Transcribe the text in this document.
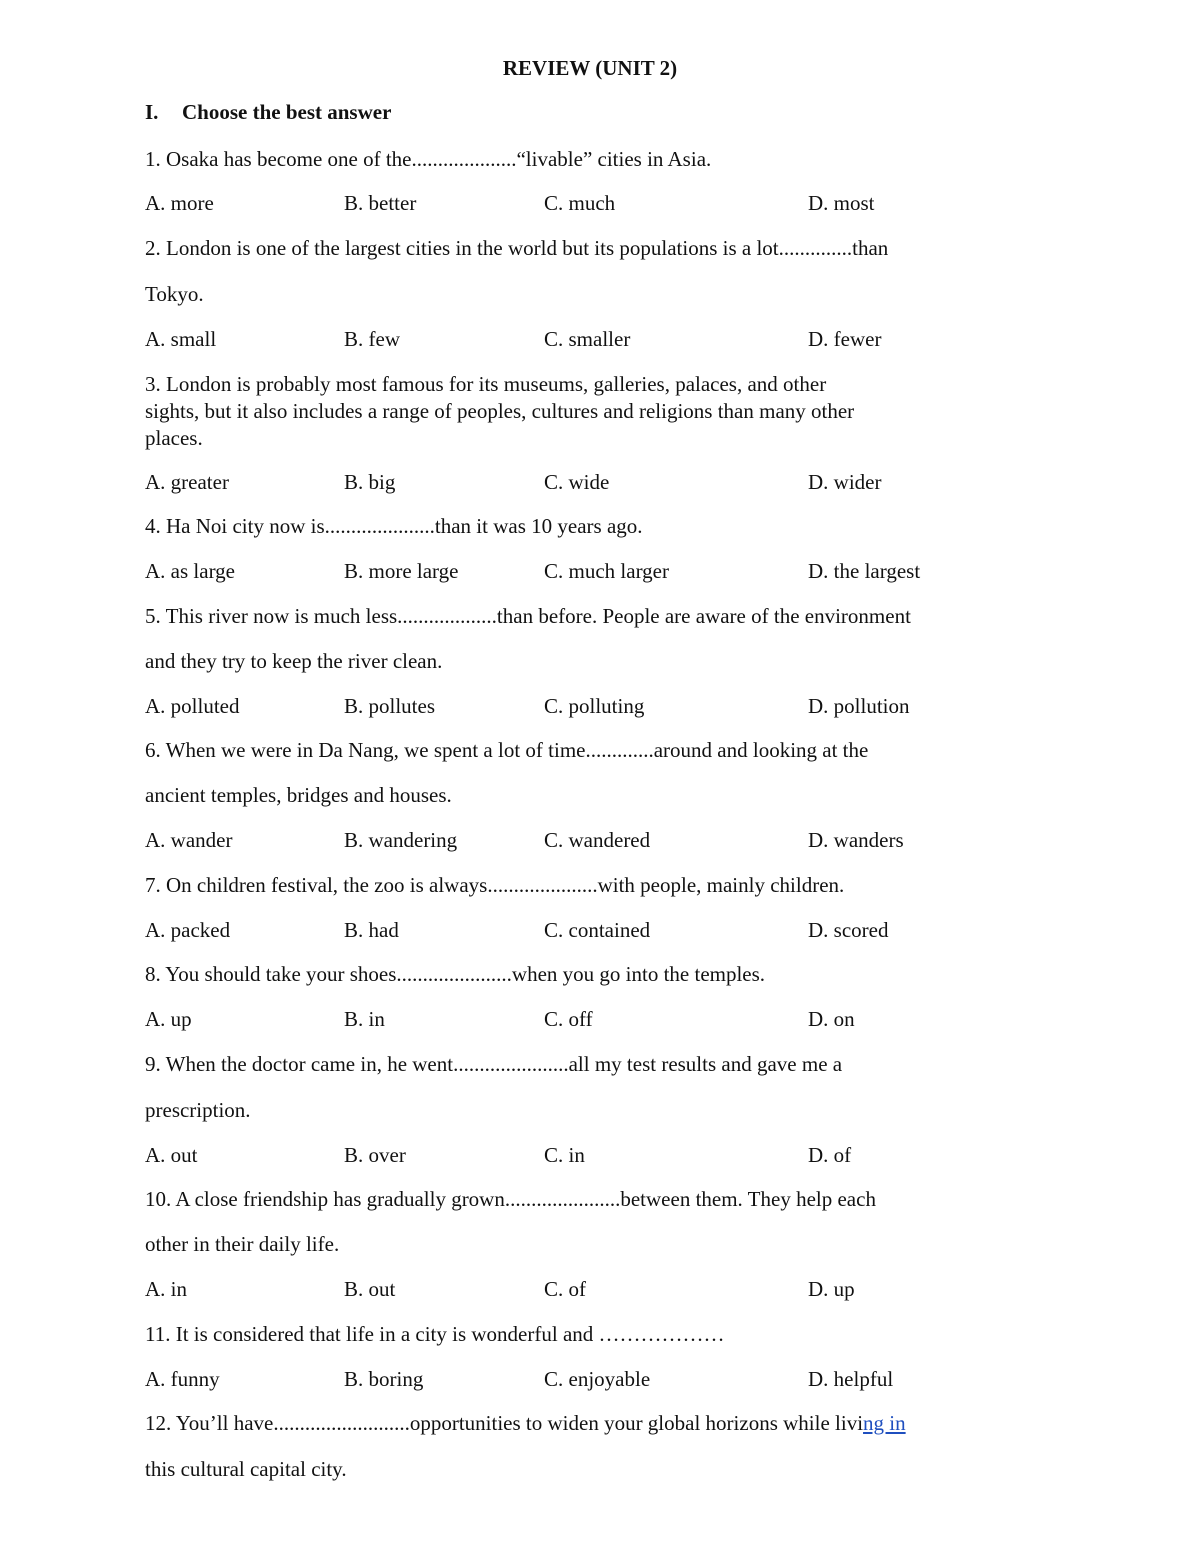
REVIEW (UNIT 2)
I. Choose the best answer
1. Osaka has become one of the....................“livable” cities in Asia.
A. more	B. better	C. much	D. most
2. London is one of the largest cities in the world but its populations is a lot..............than
Tokyo.
A. small	B. few	C. smaller	D. fewer
3. London is probably most famous for its museums, galleries, palaces, and other
sights, but it also includes a range of peoples, cultures and religions than many other
places.
A. greater	B. big	C. wide	D. wider
4. Ha Noi city now is.....................than it was 10 years ago.
A. as large	B. more large	C. much larger	D. the largest
5. This river now is much less...................than before. People are aware of the environment
and they try to keep the river clean.
A. polluted	B. pollutes	C. polluting	D. pollution
6. When we were in Da Nang, we spent a lot of time.............around and looking at the
ancient temples, bridges and houses.
A. wander	B. wandering	C. wandered	D. wanders
7. On children festival, the zoo is always.....................with people, mainly children.
A. packed	B. had	C. contained	D. scored
8. You should take your shoes......................when you go into the temples.
A. up	B. in	C. off	D. on
9. When the doctor came in, he went......................all my test results and gave me a
prescription.
A. out	B. over	C. in	D. of
10. A close friendship has gradually grown......................between them. They help each
other in their daily life.
A. in	B. out	C. of	D. up
11. It is considered that life in a city is wonderful and ………………
A. funny	B. boring	C. enjoyable	D. helpful
12. You’ll have..........................opportunities to widen your global horizons while living in
this cultural capital city.
